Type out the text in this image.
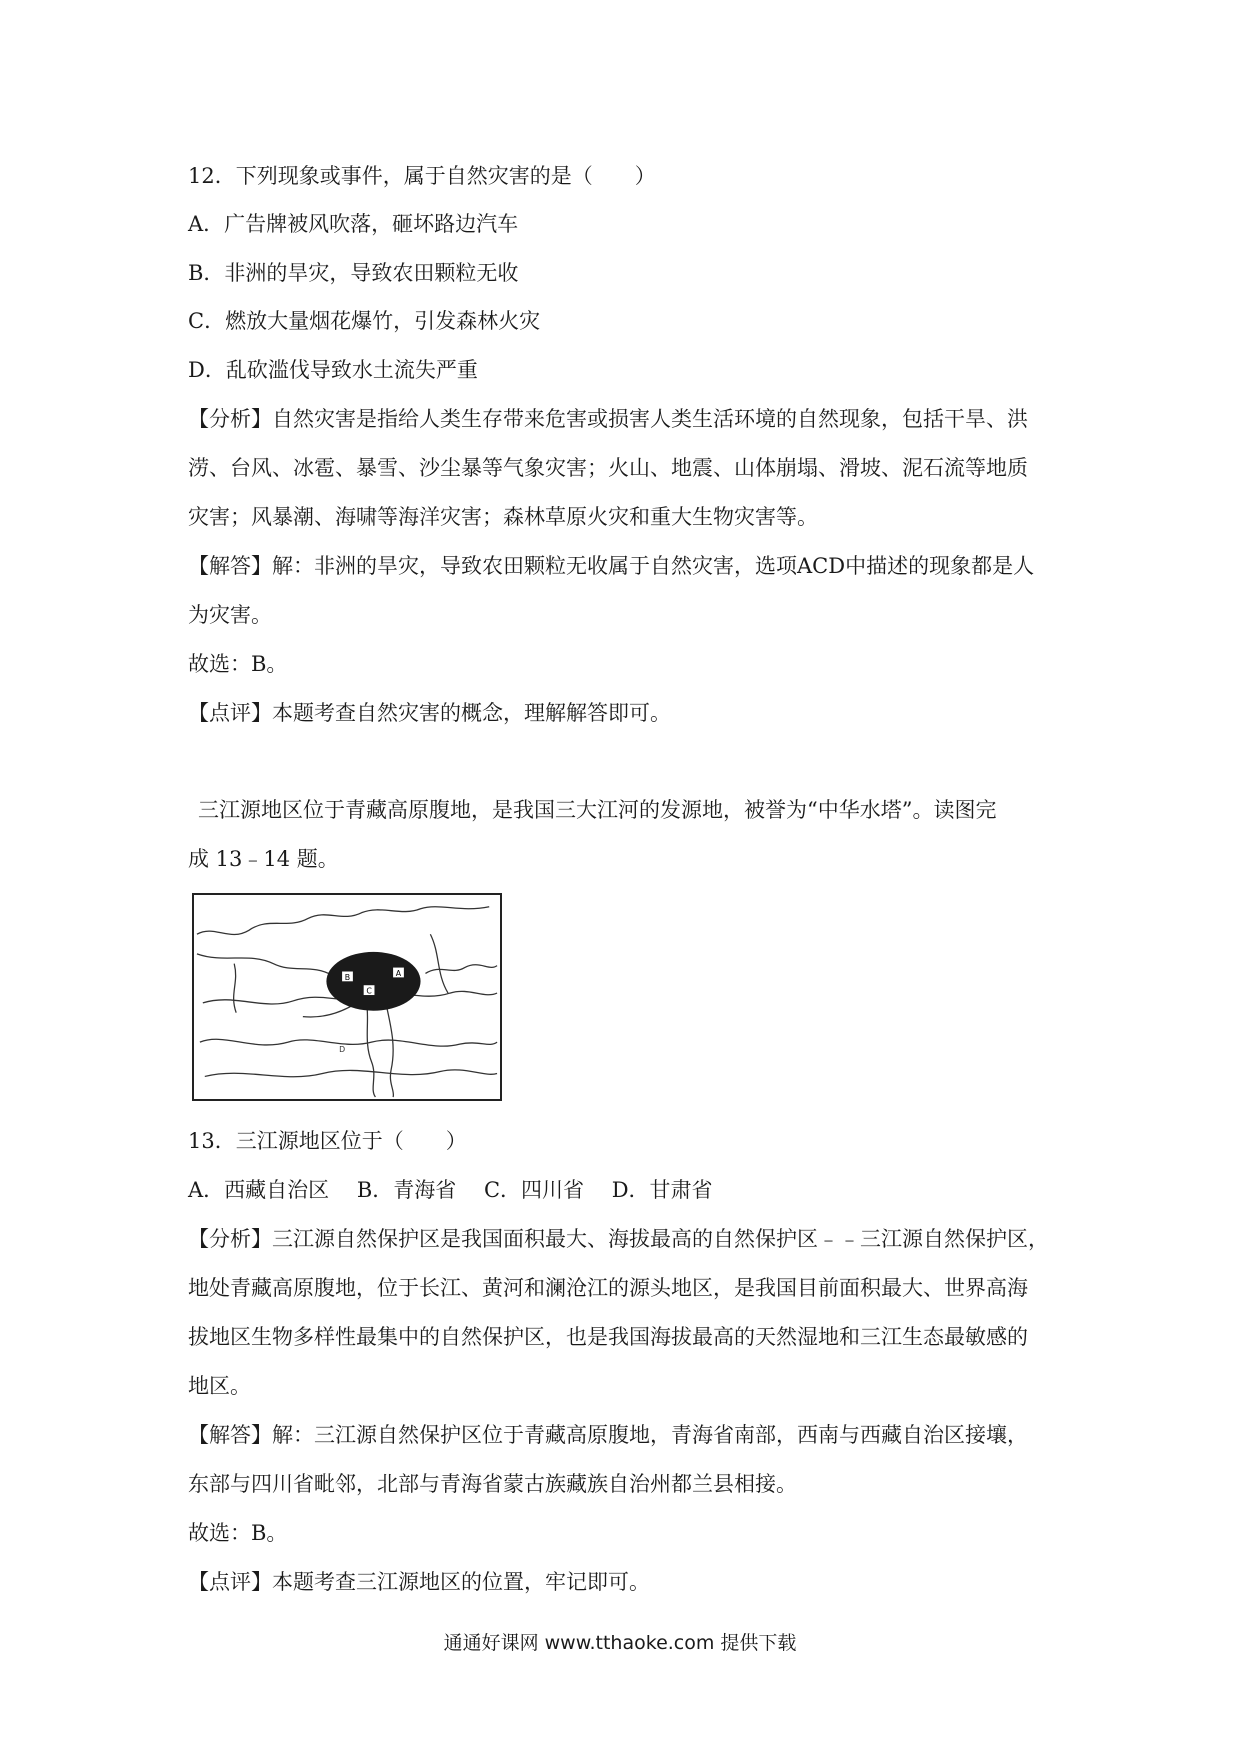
12．下列现象或事件，属于自然灾害的是（　　）
A．广告牌被风吹落，砸坏路边汽车
B．非洲的旱灾，导致农田颗粒无收
C．燃放大量烟花爆竹，引发森林火灾
D．乱砍滥伐导致水土流失严重
【分析】自然灾害是指给人类生存带来危害或损害人类生活环境的自然现象，包括干旱、洪
涝、台风、冰雹、暴雪、沙尘暴等气象灾害；火山、地震、山体崩塌、滑坡、泥石流等地质
灾害；风暴潮、海啸等海洋灾害；森林草原火灾和重大生物灾害等。
【解答】解：非洲的旱灾，导致农田颗粒无收属于自然灾害，选项ACD中描述的现象都是人
为灾害。
故选：B。
【点评】本题考查自然灾害的概念，理解解答即可。
三江源地区位于青藏高原腹地，是我国三大江河的发源地，被誉为“中华水塔”。读图完
成 13﹣14 题。
B	A
C
D
13．三江源地区位于（　　）
A．西藏自治区　 B．青海省　 C．四川省　 D．甘肃省
【分析】三江源自然保护区是我国面积最大、海拔最高的自然保护区﹣﹣三江源自然保护区，
地处青藏高原腹地，位于长江、黄河和澜沧江的源头地区，是我国目前面积最大、世界高海
拔地区生物多样性最集中的自然保护区，也是我国海拔最高的天然湿地和三江生态最敏感的
地区。
【解答】解：三江源自然保护区位于青藏高原腹地，青海省南部，西南与西藏自治区接壤，
东部与四川省毗邻，北部与青海省蒙古族藏族自治州都兰县相接。
故选：B。
【点评】本题考查三江源地区的位置，牢记即可。
通通好课网 www.tthaoke.com 提供下载
